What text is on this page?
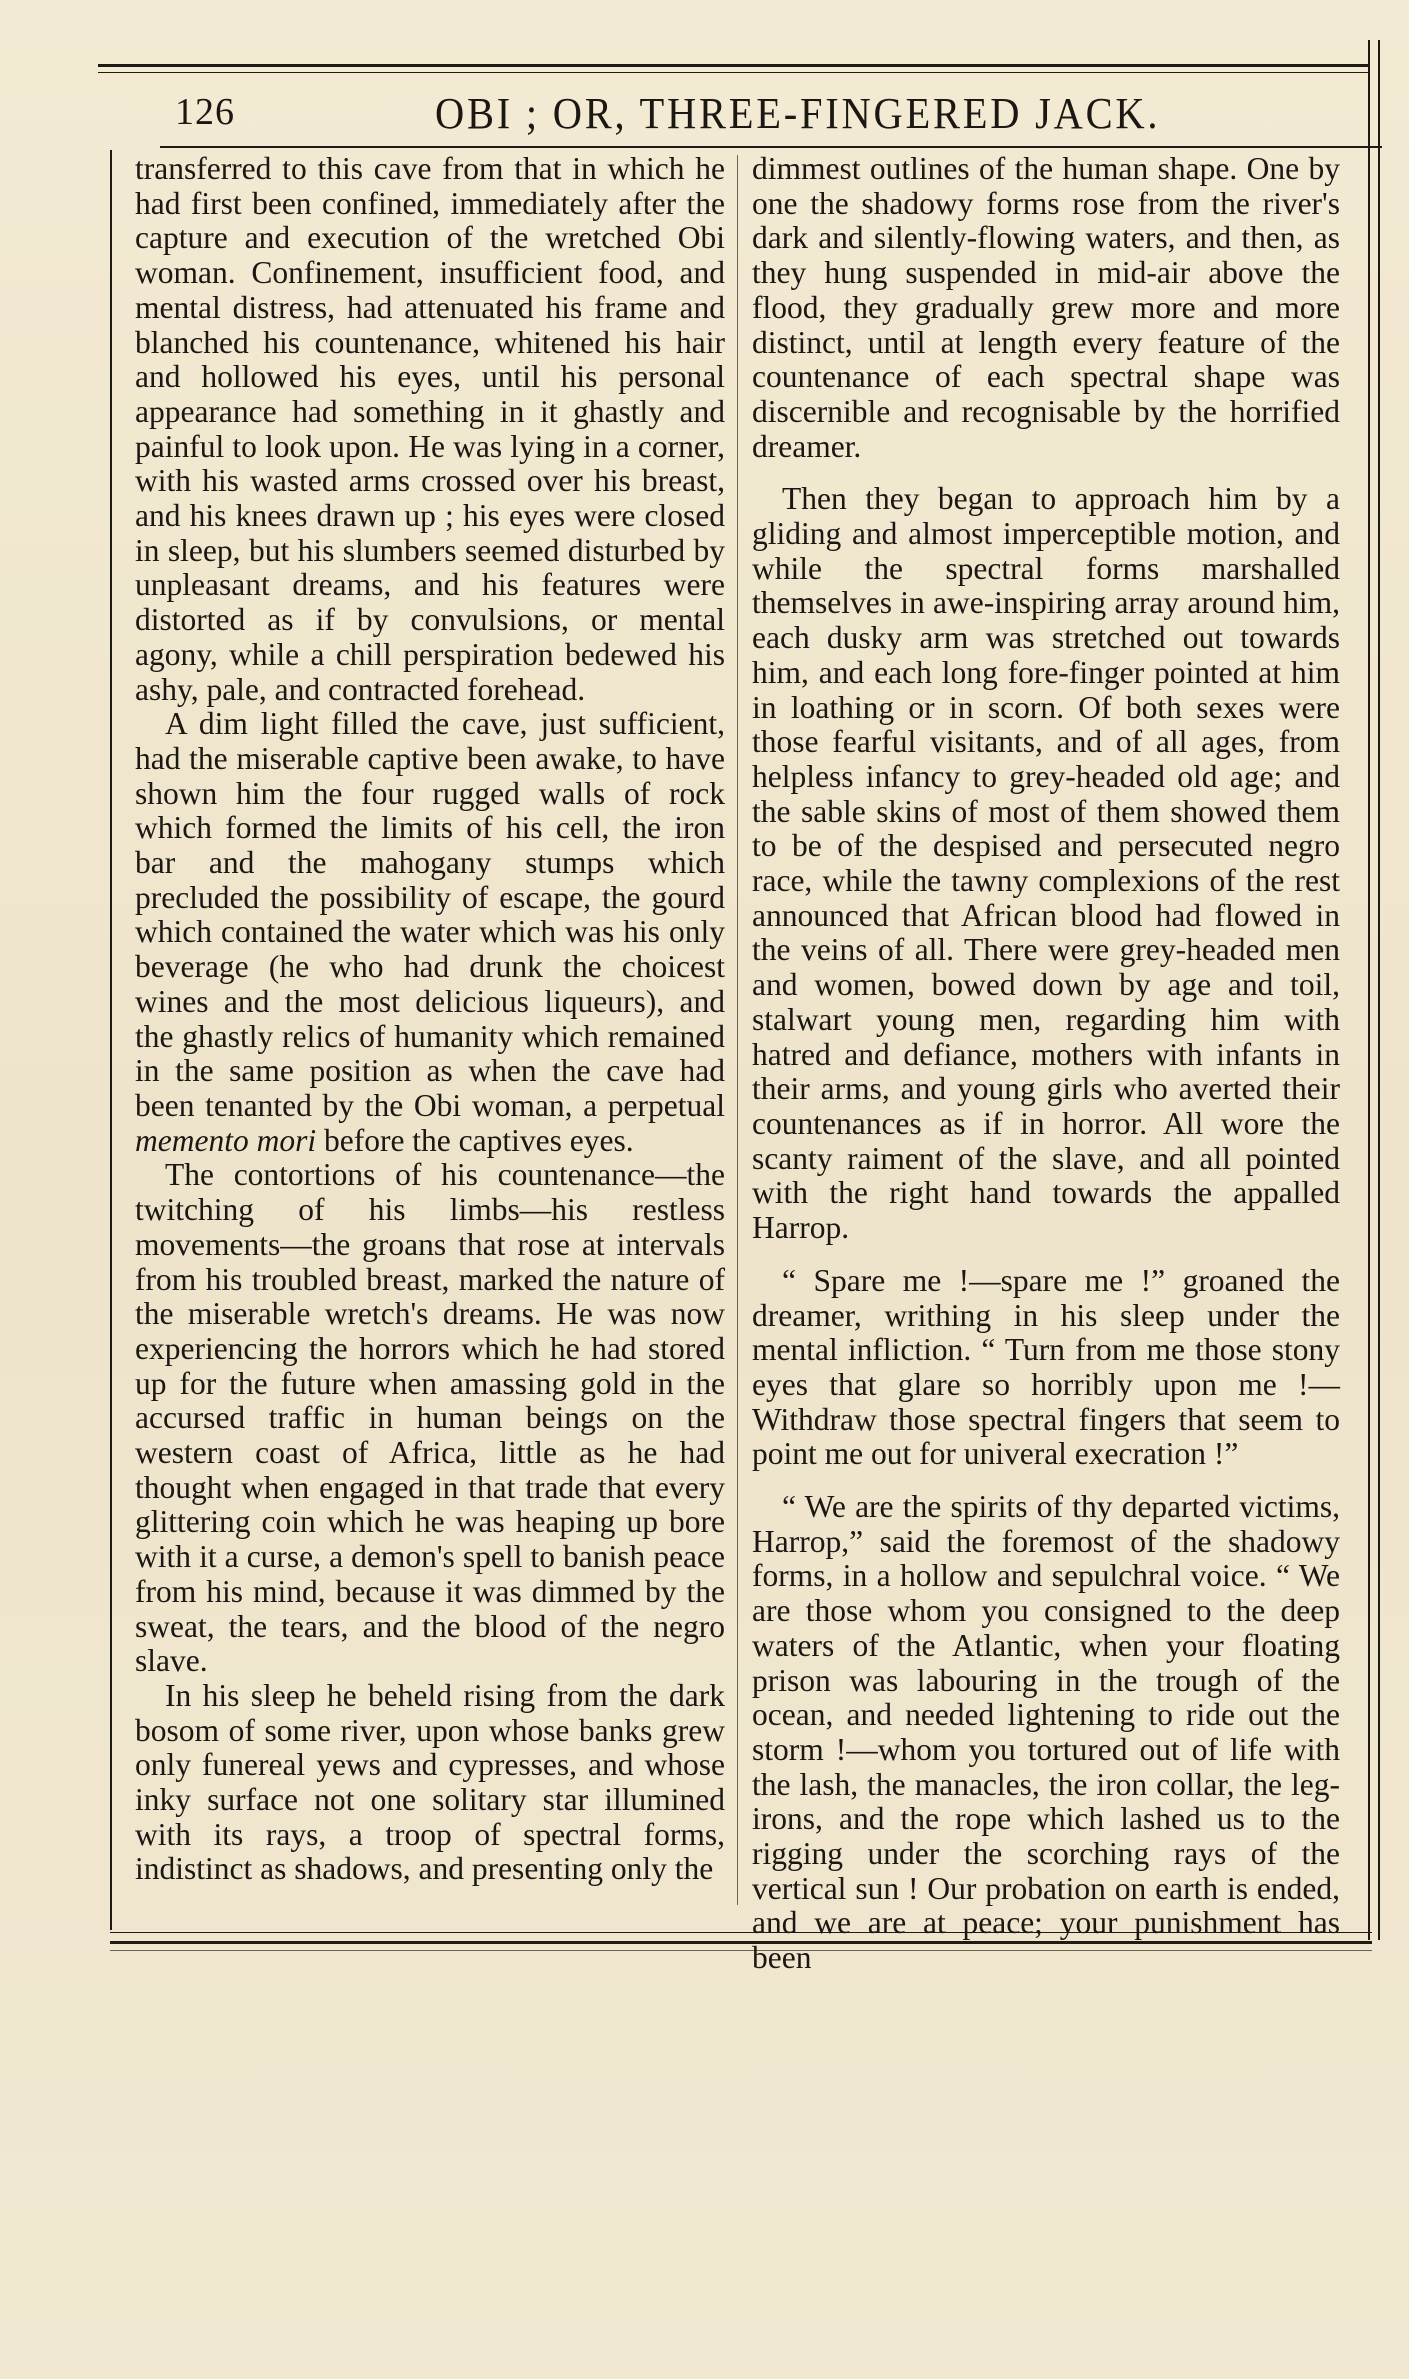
126	OBI ; OR, THREE-FINGERED JACK.

transferred to this cave from that in which he had first been confined, immediately after the capture and execution of the wretched Obi woman. Confinement, insufficient food, and mental distress, had attenuated his frame and blanched his countenance, whitened his hair and hollowed his eyes, until his personal appearance had something in it ghastly and painful to look upon. He was lying in a corner, with his wasted arms crossed over his breast, and his knees drawn up ; his eyes were closed in sleep, but his slumbers seemed disturbed by unpleasant dreams, and his features were distorted as if by convulsions, or mental agony, while a chill perspiration bedewed his ashy, pale, and contracted forehead.

A dim light filled the cave, just sufficient, had the miserable captive been awake, to have shown him the four rugged walls of rock which formed the limits of his cell, the iron bar and the mahogany stumps which precluded the possibility of escape, the gourd which contained the water which was his only beverage (he who had drunk the choicest wines and the most delicious liqueurs), and the ghastly relics of humanity which remained in the same position as when the cave had been tenanted by the Obi woman, a perpetual memento mori before the captives eyes.

The contortions of his countenance—the twitching of his limbs—his restless movements—the groans that rose at intervals from his troubled breast, marked the nature of the miserable wretch's dreams. He was now experiencing the horrors which he had stored up for the future when amassing gold in the accursed traffic in human beings on the western coast of Africa, little as he had thought when engaged in that trade that every glittering coin which he was heaping up bore with it a curse, a demon's spell to banish peace from his mind, because it was dimmed by the sweat, the tears, and the blood of the negro slave.

In his sleep he beheld rising from the dark bosom of some river, upon whose banks grew only funereal yews and cypresses, and whose inky surface not one solitary star illumined with its rays, a troop of spectral forms, indistinct as shadows, and presenting only the

dimmest outlines of the human shape. One by one the shadowy forms rose from the river's dark and silently-flowing waters, and then, as they hung suspended in mid-air above the flood, they gradually grew more and more distinct, until at length every feature of the countenance of each spectral shape was discernible and recognisable by the horrified dreamer.

Then they began to approach him by a gliding and almost imperceptible motion, and while the spectral forms marshalled themselves in awe-inspiring array around him, each dusky arm was stretched out towards him, and each long fore-finger pointed at him in loathing or in scorn. Of both sexes were those fearful visitants, and of all ages, from helpless infancy to grey-headed old age; and the sable skins of most of them showed them to be of the despised and persecuted negro race, while the tawny complexions of the rest announced that African blood had flowed in the veins of all. There were grey-headed men and women, bowed down by age and toil, stalwart young men, regarding him with hatred and defiance, mothers with infants in their arms, and young girls who averted their countenances as if in horror. All wore the scanty raiment of the slave, and all pointed with the right hand towards the appalled Harrop.

“ Spare me !—spare me !” groaned the dreamer, writhing in his sleep under the mental infliction. “ Turn from me those stony eyes that glare so horribly upon me !—Withdraw those spectral fingers that seem to point me out for univeral execration !”

“ We are the spirits of thy departed victims, Harrop,” said the foremost of the shadowy forms, in a hollow and sepulchral voice. “ We are those whom you consigned to the deep waters of the Atlantic, when your floating prison was labouring in the trough of the ocean, and needed lightening to ride out the storm !—whom you tortured out of life with the lash, the manacles, the iron collar, the leg-irons, and the rope which lashed us to the rigging under the scorching rays of the vertical sun ! Our probation on earth is ended, and we are at peace; your punishment has been
